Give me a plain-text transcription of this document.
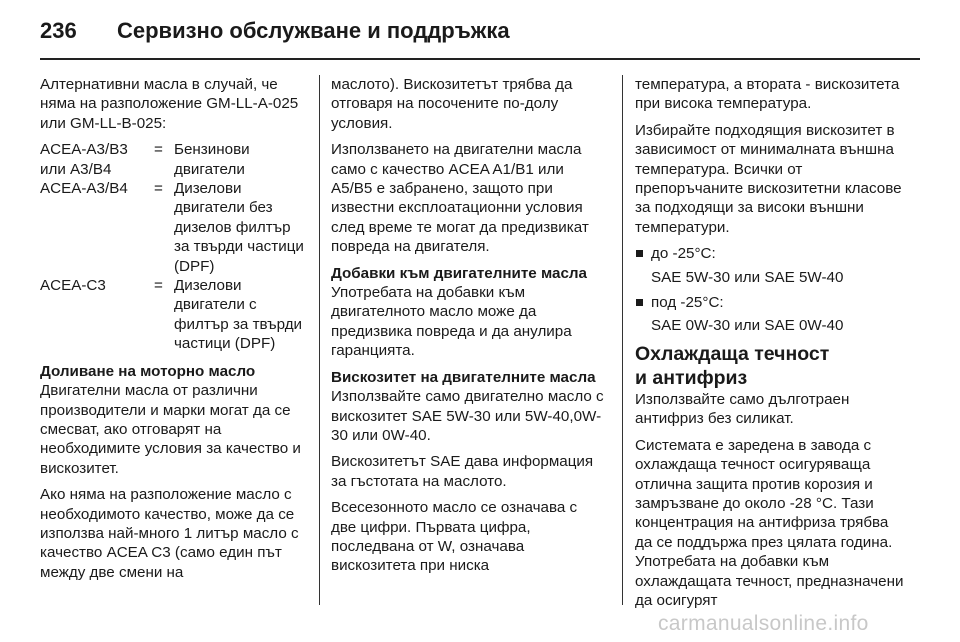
236 Сервизно обслужване и поддръжка

Алтернативни масла в случай, че няма на разположение GM-LL-A-025 или GM-LL-B-025:

ACEA-A3/B3 или A3/B4	=	Бензинови двигатели
ACEA-A3/B4	=	Дизелови двигатели без дизелов филтър за твърди частици (DPF)
ACEA-C3	=	Дизелови двигатели с филтър за твърди частици (DPF)
Доливане на моторно масло

Двигателни масла от различни производители и марки могат да се смесват, ако отговарят на необходимите условия за качество и вискозитет.

Ако няма на разположение масло с необходимото качество, може да се използва най-много 1 литър масло с качество ACEA C3 (само един път между две смени на

маслото). Вискозитетът трябва да отговаря на посочените по-долу условия.

Използването на двигателни масла само с качество ACEA A1/B1 или A5/B5 е забранено, защото при известни експлоатационни условия след време те могат да предизвикат повреда на двигателя.

Добавки към двигателните масла

Употребата на добавки към двигателното масло може да предизвика повреда и да анулира гаранцията.

Вискозитет на двигателните масла

Използвайте само двигателно масло с вискозитет SAE 5W-30 или 5W-40,0W-30 или 0W-40.

Вискозитетът SAE дава информация за гъстотата на маслото.

Всесезонното масло се означава с две цифри. Първата цифра, последвана от W, означава вискозитета при ниска

температура, а втората - вискозитета при висока температура.

Избирайте подходящия вискозитет в зависимост от минималната външна температура. Всички от препоръчаните вискозитетни класове за подходящи за високи външни температури.

до -25°C:
SAE 5W-30 или SAE 5W-40
под -25°C:
SAE 0W-30 или SAE 0W-40
Охлаждаща течност
и антифриз

Използвайте само дълготраен антифриз без силикат.

Системата е заредена в завода с охлаждаща течност осигуряваща отлична защита против корозия и замръзване до около -28 °C. Тази концентрация на антифриза трябва да се поддържа през цялата година. Употребата на добавки към охлаждащата течност, предназначени да осигурят

carmanualsonline.info
